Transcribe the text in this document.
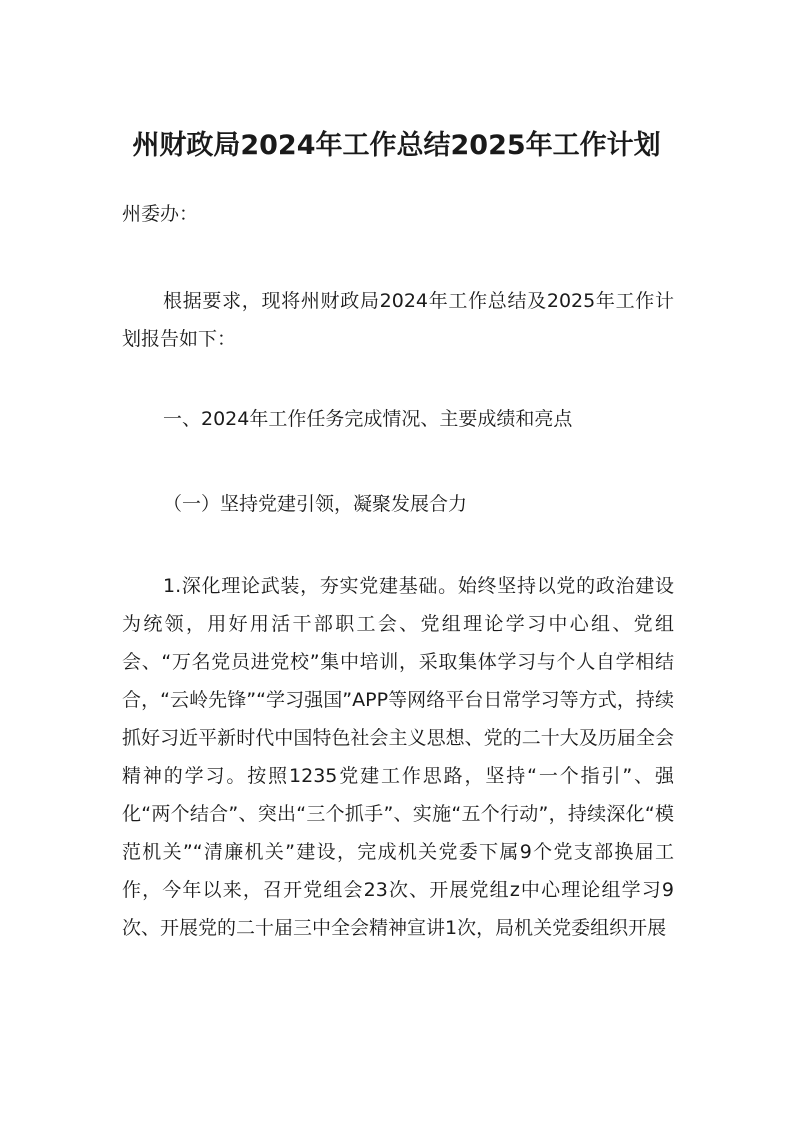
州财政局2024年工作总结2025年工作计划
州委办：
根据要求，现将州财政局2024年工作总结及2025年工作计划报告如下：
一、2024年工作任务完成情况、主要成绩和亮点
（一）坚持党建引领，凝聚发展合力
1.深化理论武装，夯实党建基础。始终坚持以党的政治建设为统领，用好用活干部职工会、党组理论学习中心组、党组会、“万名党员进党校”集中培训，采取集体学习与个人自学相结合，“云岭先锋”“学习强国”APP等网络平台日常学习等方式，持续抓好习近平新时代中国特色社会主义思想、党的二十大及历届全会精神的学习。按照1235党建工作思路，坚持“一个指引”、强化“两个结合”、突出“三个抓手”、实施“五个行动”，持续深化“模范机关”“清廉机关”建设，完成机关党委下属9个党支部换届工作，今年以来，召开党组会23次、开展党组z中心理论组学习9次、开展党的二十届三中全会精神宣讲1次，局机关党委组织开展
